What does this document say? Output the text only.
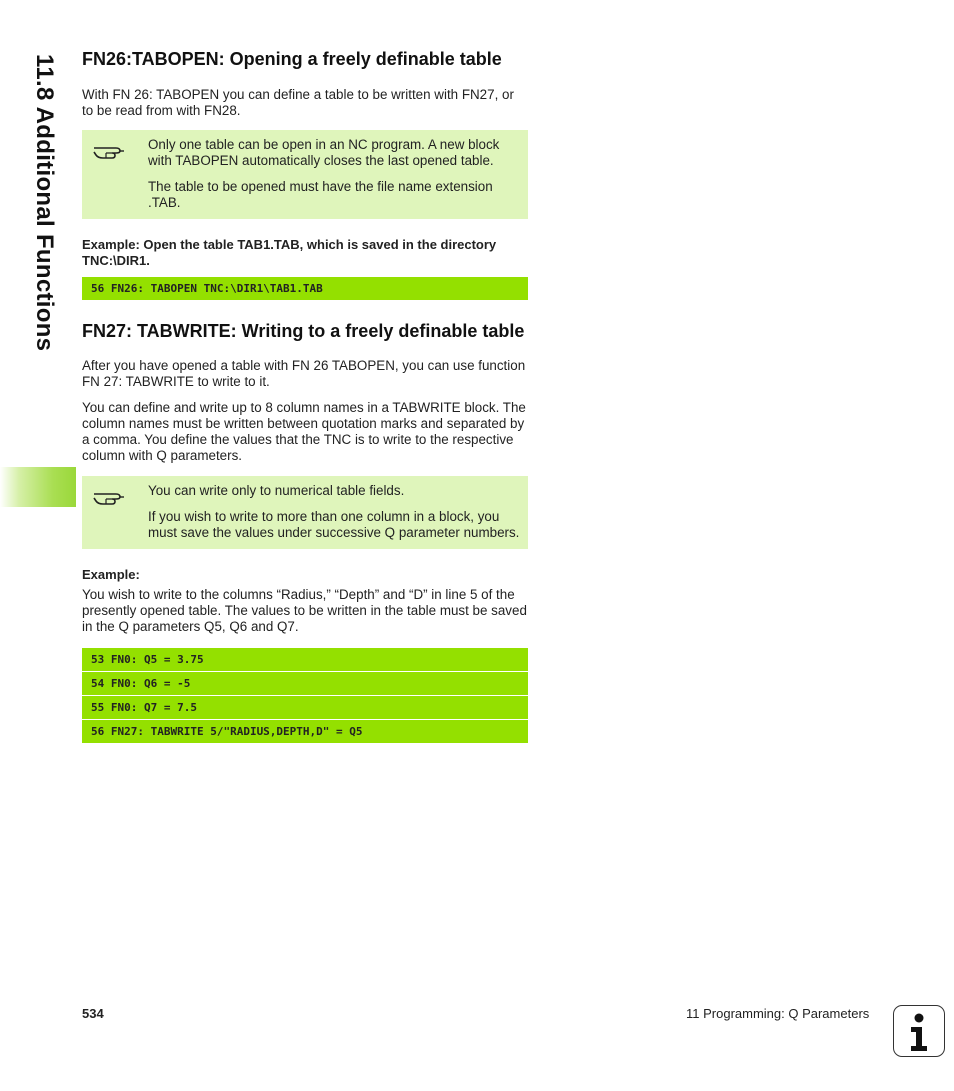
11.8 Additional Functions FN26:TABOPEN: Opening a freely definable table

With FN 26: TABOPEN you can define a table to be written with FN27, or to be read from with FN28.

Only one table can be open in an NC program. A new block with TABOPEN automatically closes the last opened table.

The table to be opened must have the file name extension .TAB.

Example: Open the table TAB1.TAB, which is saved in the directory TNC:\DIR1.

56 FN26: TABOPEN TNC:\DIR1\TAB1.TAB
FN27: TABWRITE: Writing to a freely definable table

After you have opened a table with FN 26 TABOPEN, you can use function FN 27: TABWRITE to write to it.

You can define and write up to 8 column names in a TABWRITE block. The column names must be written between quotation marks and separated by a comma. You define the values that the TNC is to write to the respective column with Q parameters.

You can write only to numerical table fields.

If you wish to write to more than one column in a block, you must save the values under successive Q parameter numbers.

Example:

You wish to write to the columns “Radius,” “Depth” and “D” in line 5 of the presently opened table. The values to be written in the table must be saved in the Q parameters Q5, Q6 and Q7.

53 FN0: Q5 = 3.75
54 FN0: Q6 = -5
55 FN0: Q7 = 7.5
56 FN27: TABWRITE 5/"RADIUS,DEPTH,D" = Q5
534	11 Programming: Q Parameters
